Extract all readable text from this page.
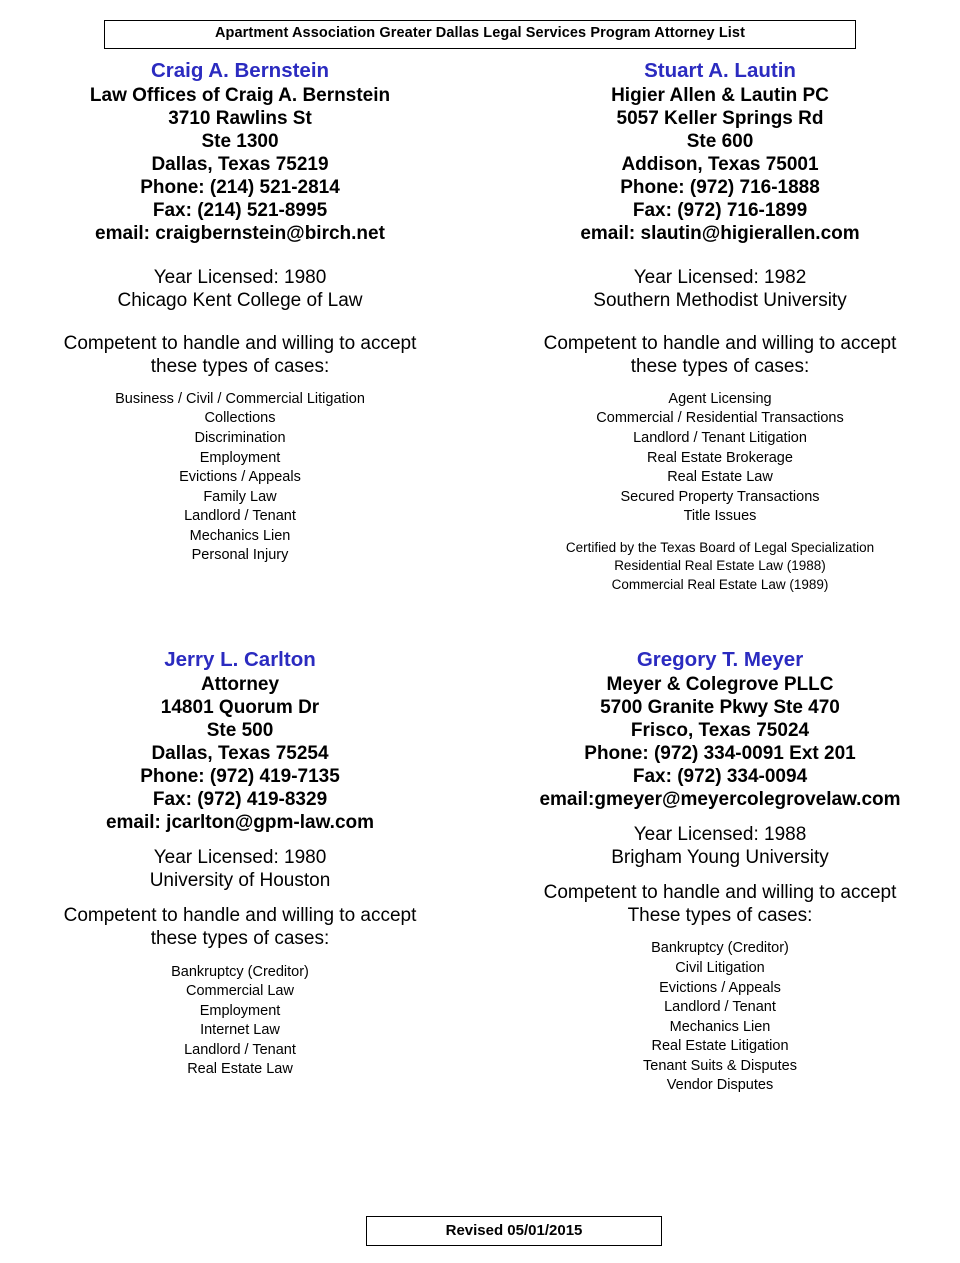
Apartment Association Greater Dallas Legal Services Program Attorney List
Craig A. Bernstein
Law Offices of Craig A. Bernstein
3710 Rawlins St
Ste 1300
Dallas, Texas 75219
Phone: (214) 521-2814
Fax: (214) 521-8995
email: craigbernstein@birch.net
Year Licensed: 1980
Chicago Kent College of Law
Competent to handle and willing to accept
these types of cases:
Business / Civil / Commercial Litigation
Collections
Discrimination
Employment
Evictions / Appeals
Family Law
Landlord / Tenant
Mechanics Lien
Personal Injury
Stuart A. Lautin
Higier Allen & Lautin PC
5057 Keller Springs Rd
Ste 600
Addison, Texas 75001
Phone: (972) 716-1888
Fax: (972) 716-1899
email: slautin@higierallen.com
Year Licensed: 1982
Southern Methodist University
Competent to handle and willing to accept
these types of cases:
Agent Licensing
Commercial / Residential Transactions
Landlord / Tenant Litigation
Real Estate Brokerage
Real Estate Law
Secured Property Transactions
Title Issues
Certified by the Texas Board of Legal Specialization
Residential Real Estate Law (1988)
Commercial Real Estate Law (1989)
Jerry L. Carlton
Attorney
14801 Quorum Dr
Ste 500
Dallas, Texas 75254
Phone: (972) 419-7135
Fax: (972) 419-8329
email: jcarlton@gpm-law.com
Year Licensed: 1980
University of Houston
Competent to handle and willing to accept
these types of cases:
Bankruptcy (Creditor)
Commercial Law
Employment
Internet Law
Landlord / Tenant
Real Estate Law
Gregory T. Meyer
Meyer & Colegrove PLLC
5700 Granite Pkwy Ste 470
Frisco, Texas 75024
Phone: (972) 334-0091 Ext 201
Fax: (972) 334-0094
email:gmeyer@meyercolegrovelaw.com
Year Licensed: 1988
Brigham Young University
Competent to handle and willing to accept
These types of cases:
Bankruptcy (Creditor)
Civil Litigation
Evictions / Appeals
Landlord / Tenant
Mechanics Lien
Real Estate Litigation
Tenant Suits & Disputes
Vendor Disputes
Revised 05/01/2015
